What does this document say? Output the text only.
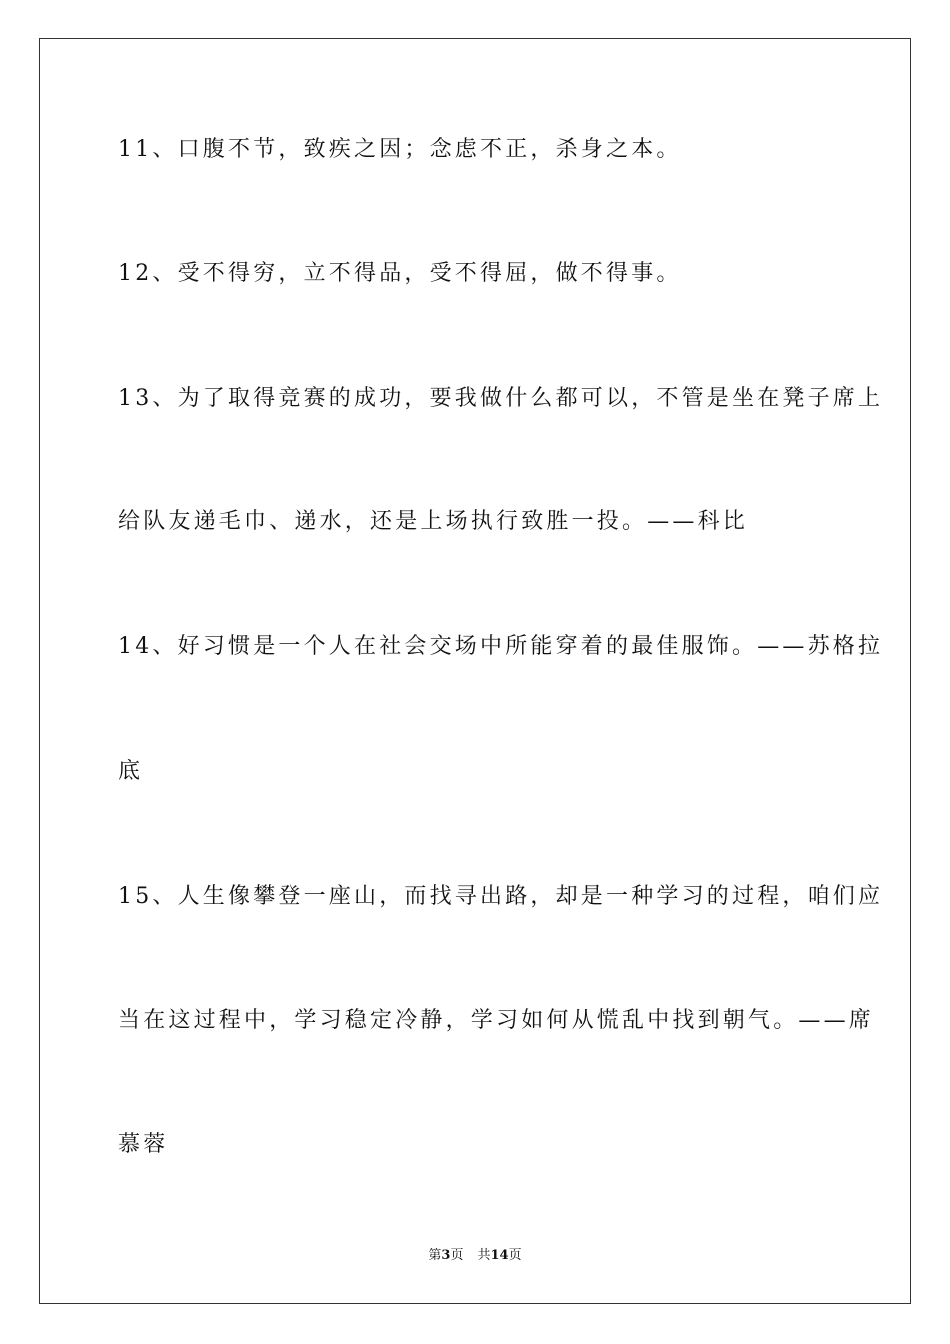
11、口腹不节，致疾之因；念虑不正，杀身之本。
12、受不得穷，立不得品，受不得屈，做不得事。
13、为了取得竞赛的成功，要我做什么都可以，不管是坐在凳子席上
给队友递毛巾、递水，还是上场执行致胜一投。——科比
14、好习惯是一个人在社会交场中所能穿着的最佳服饰。——苏格拉
底
15、人生像攀登一座山，而找寻出路，却是一种学习的过程，咱们应
当在这过程中，学习稳定冷静，学习如何从慌乱中找到朝气。——席
慕蓉
第3页 共14页
